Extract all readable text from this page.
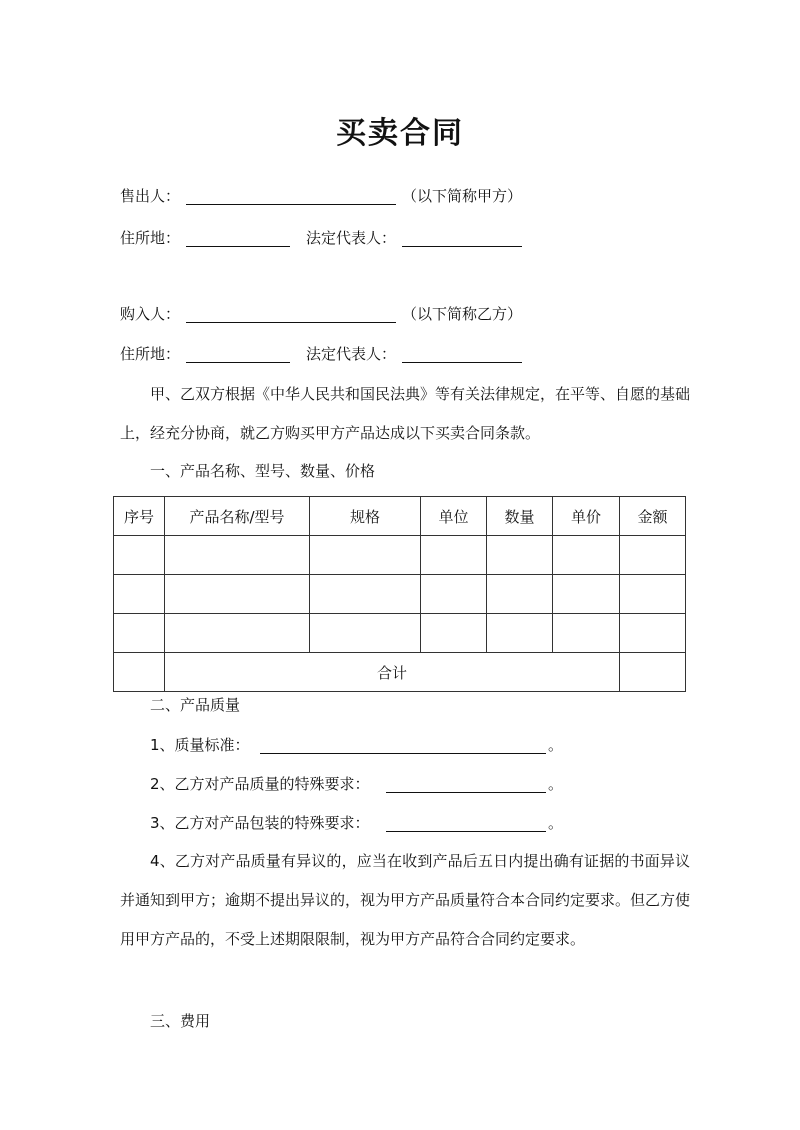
买卖合同
售出人：	（以下简称甲方）
住所地：	法定代表人：
购入人：	（以下简称乙方）
住所地：	法定代表人：
甲、乙双方根据《中华人民共和国民法典》等有关法律规定，在平等、自愿的基础上，经充分协商，就乙方购买甲方产品达成以下买卖合同条款。
一、产品名称、型号、数量、价格
序号	产品名称/型号	规格	单位	数量	单价	金额

	合计					
二、产品质量
1、质量标准：	。
2、乙方对产品质量的特殊要求：	。
3、乙方对产品包装的特殊要求：	。
4、乙方对产品质量有异议的，应当在收到产品后五日内提出确有证据的书面异议并通知到甲方；逾期不提出异议的，视为甲方产品质量符合本合同约定要求。但乙方使用甲方产品的，不受上述期限限制，视为甲方产品符合合同约定要求。
三、费用
